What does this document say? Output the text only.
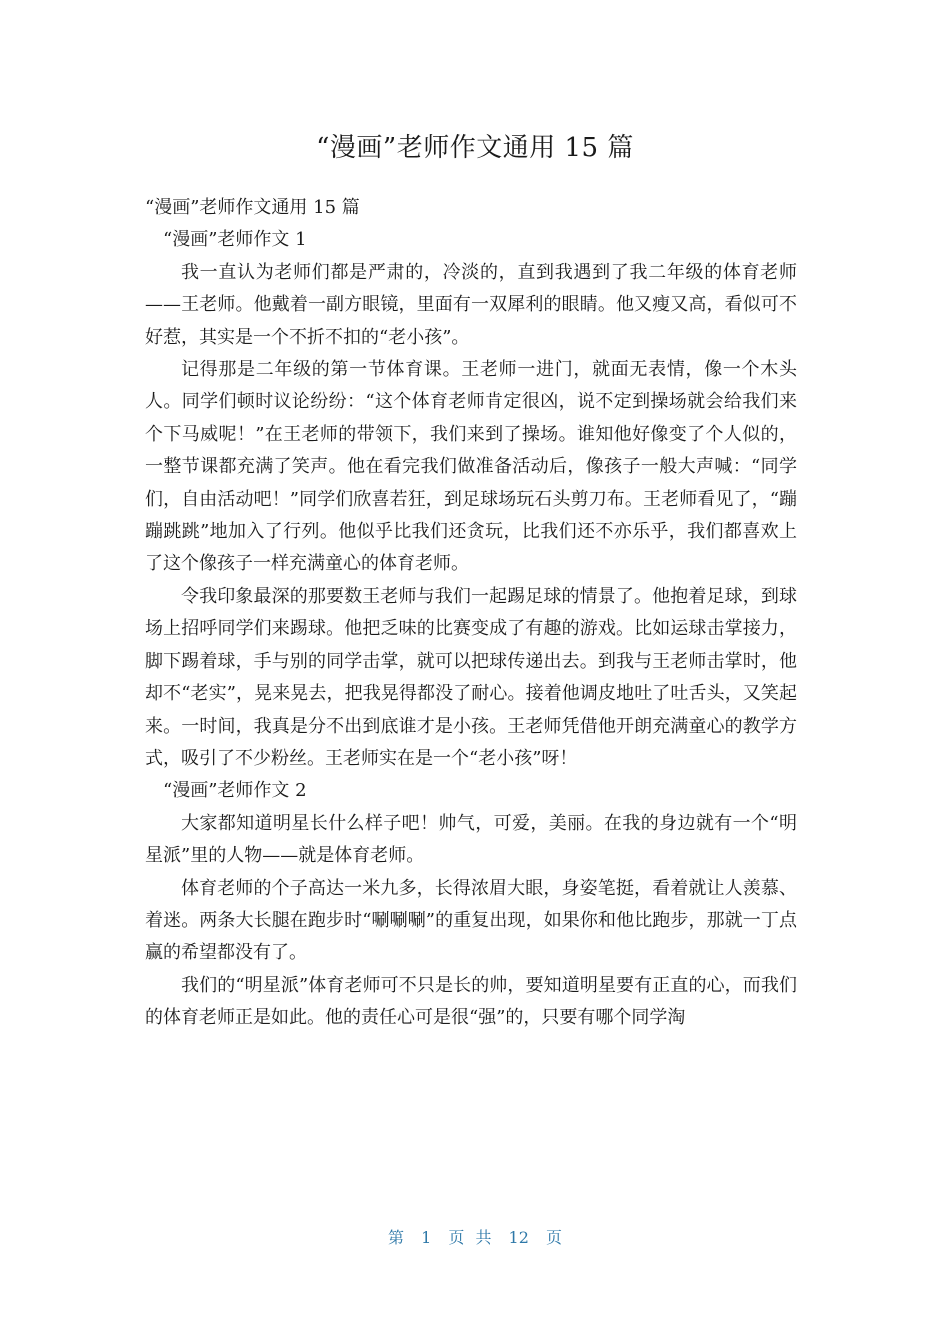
“漫画”老师作文通用 15 篇

“漫画”老师作文通用 15 篇

“漫画”老师作文 1

我一直认为老师们都是严肃的，冷淡的，直到我遇到了我二年级的体育老师——王老师。他戴着一副方眼镜，里面有一双犀利的眼睛。他又瘦又高，看似可不好惹，其实是一个不折不扣的“老小孩”。

记得那是二年级的第一节体育课。王老师一进门，就面无表情，像一个木头人。同学们顿时议论纷纷：“这个体育老师肯定很凶，说不定到操场就会给我们来个下马威呢！”在王老师的带领下，我们来到了操场。谁知他好像变了个人似的，一整节课都充满了笑声。他在看完我们做准备活动后，像孩子一般大声喊：“同学们，自由活动吧！”同学们欣喜若狂，到足球场玩石头剪刀布。王老师看见了，“蹦蹦跳跳”地加入了行列。他似乎比我们还贪玩，比我们还不亦乐乎，我们都喜欢上了这个像孩子一样充满童心的体育老师。

令我印象最深的那要数王老师与我们一起踢足球的情景了。他抱着足球，到球场上招呼同学们来踢球。他把乏味的比赛变成了有趣的游戏。比如运球击掌接力，脚下踢着球，手与别的同学击掌，就可以把球传递出去。到我与王老师击掌时，他却不“老实”，晃来晃去，把我晃得都没了耐心。接着他调皮地吐了吐舌头，又笑起来。一时间，我真是分不出到底谁才是小孩。王老师凭借他开朗充满童心的教学方式，吸引了不少粉丝。王老师实在是一个“老小孩”呀！

“漫画”老师作文 2

大家都知道明星长什么样子吧！帅气，可爱，美丽。在我的身边就有一个“明星派”里的人物——就是体育老师。

体育老师的个子高达一米九多，长得浓眉大眼，身姿笔挺，看着就让人羡慕、着迷。两条大长腿在跑步时“唰唰唰”的重复出现，如果你和他比跑步，那就一丁点赢的希望都没有了。

我们的“明星派”体育老师可不只是长的帅，要知道明星要有正直的心，而我们的体育老师正是如此。他的责任心可是很“强”的，只要有哪个同学淘

第 1 页 共 12 页
